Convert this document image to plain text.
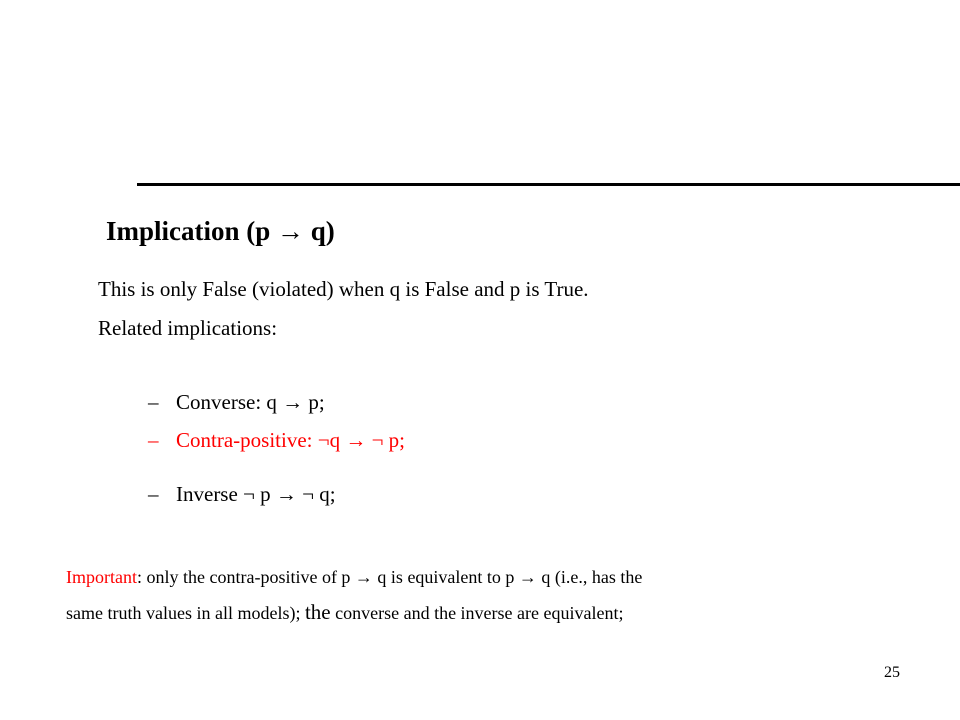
Implication (p → q)
This is only False (violated) when q is False and p is True.
Related implications:
– Converse: q → p;
– Contra-positive: ¬q → ¬ p;
– Inverse ¬ p → ¬ q;
Important: only the contra-positive of p → q is equivalent to p → q (i.e., has the
same truth values in all models); the converse and the inverse are equivalent;
25
